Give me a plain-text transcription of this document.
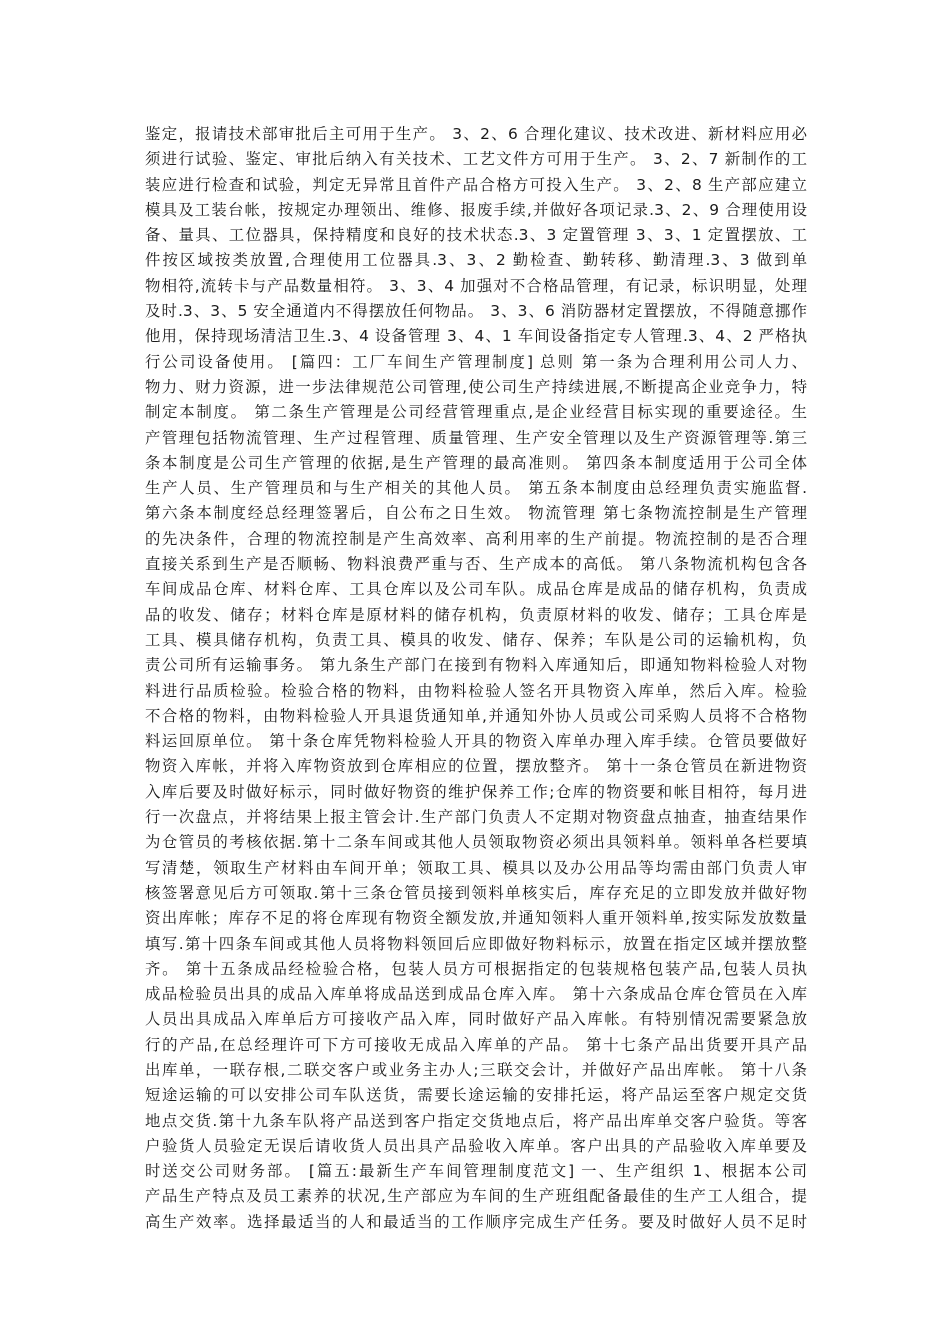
鉴定，报请技术部审批后主可用于生产。 3、2、6 合理化建议、技术改进、新材料应用必
须进行试验、鉴定、审批后纳入有关技术、工艺文件方可用于生产。 3、2、7 新制作的工
装应进行检查和试验，判定无异常且首件产品合格方可投入生产。 3、2、8 生产部应建立
模具及工装台帐，按规定办理领出、维修、报废手续,并做好各项记录.3、2、9 合理使用设
备、量具、工位器具，保持精度和良好的技术状态.3、3 定置管理 3、3、1 定置摆放、工
件按区域按类放置,合理使用工位器具.3、3、2 勤检查、勤转移、勤清理.3、3 做到单
物相符,流转卡与产品数量相符。 3、3、4 加强对不合格品管理，有记录，标识明显，处理
及时.3、3、5 安全通道内不得摆放任何物品。 3、3、6 消防器材定置摆放，不得随意挪作
他用，保持现场清洁卫生.3、4 设备管理 3、4、1 车间设备指定专人管理.3、4、2 严格执
行公司设备使用。 [篇四：工厂车间生产管理制度] 总则 第一条为合理利用公司人力、
物力、财力资源，进一步法律规范公司管理,使公司生产持续进展,不断提高企业竞争力，特
制定本制度。 第二条生产管理是公司经营管理重点,是企业经营目标实现的重要途径。生
产管理包括物流管理、生产过程管理、质量管理、生产安全管理以及生产资源管理等.第三
条本制度是公司生产管理的依据,是生产管理的最高准则。 第四条本制度适用于公司全体
生产人员、生产管理员和与生产相关的其他人员。 第五条本制度由总经理负责实施监督.
第六条本制度经总经理签署后，自公布之日生效。 物流管理 第七条物流控制是生产管理
的先决条件，合理的物流控制是产生高效率、高利用率的生产前提。物流控制的是否合理
直接关系到生产是否顺畅、物料浪费严重与否、生产成本的高低。 第八条物流机构包含各
车间成品仓库、材料仓库、工具仓库以及公司车队。成品仓库是成品的储存机构，负责成
品的收发、储存；材料仓库是原材料的储存机构，负责原材料的收发、储存；工具仓库是
工具、模具储存机构，负责工具、模具的收发、储存、保养；车队是公司的运输机构，负
责公司所有运输事务。 第九条生产部门在接到有物料入库通知后，即通知物料检验人对物
料进行品质检验。检验合格的物料，由物料检验人签名开具物资入库单，然后入库。检验
不合格的物料，由物料检验人开具退货通知单,并通知外协人员或公司采购人员将不合格物
料运回原单位。 第十条仓库凭物料检验人开具的物资入库单办理入库手续。仓管员要做好
物资入库帐，并将入库物资放到仓库相应的位置，摆放整齐。 第十一条仓管员在新进物资
入库后要及时做好标示，同时做好物资的维护保养工作;仓库的物资要和帐目相符，每月进
行一次盘点，并将结果上报主管会计.生产部门负责人不定期对物资盘点抽查，抽查结果作
为仓管员的考核依据.第十二条车间或其他人员领取物资必须出具领料单。领料单各栏要填
写清楚，领取生产材料由车间开单；领取工具、模具以及办公用品等均需由部门负责人审
核签署意见后方可领取.第十三条仓管员接到领料单核实后，库存充足的立即发放并做好物
资出库帐；库存不足的将仓库现有物资全额发放,并通知领料人重开领料单,按实际发放数量
填写.第十四条车间或其他人员将物料领回后应即做好物料标示，放置在指定区域并摆放整
齐。 第十五条成品经检验合格，包装人员方可根据指定的包装规格包装产品,包装人员执
成品检验员出具的成品入库单将成品送到成品仓库入库。 第十六条成品仓库仓管员在入库
人员出具成品入库单后方可接收产品入库，同时做好产品入库帐。有特别情况需要紧急放
行的产品,在总经理许可下方可接收无成品入库单的产品。 第十七条产品出货要开具产品
出库单，一联存根,二联交客户或业务主办人;三联交会计，并做好产品出库帐。 第十八条
短途运输的可以安排公司车队送货，需要长途运输的安排托运，将产品运至客户规定交货
地点交货.第十九条车队将产品送到客户指定交货地点后，将产品出库单交客户验货。等客
户验货人员验定无误后请收货人员出具产品验收入库单。客户出具的产品验收入库单要及
时送交公司财务部。 [篇五:最新生产车间管理制度范文] 一、生产组织 1、根据本公司
产品生产特点及员工素养的状况,生产部应为车间的生产班组配备最佳的生产工人组合，提
高生产效率。选择最适当的人和最适当的工作顺序完成生产任务。要及时做好人员不足时
